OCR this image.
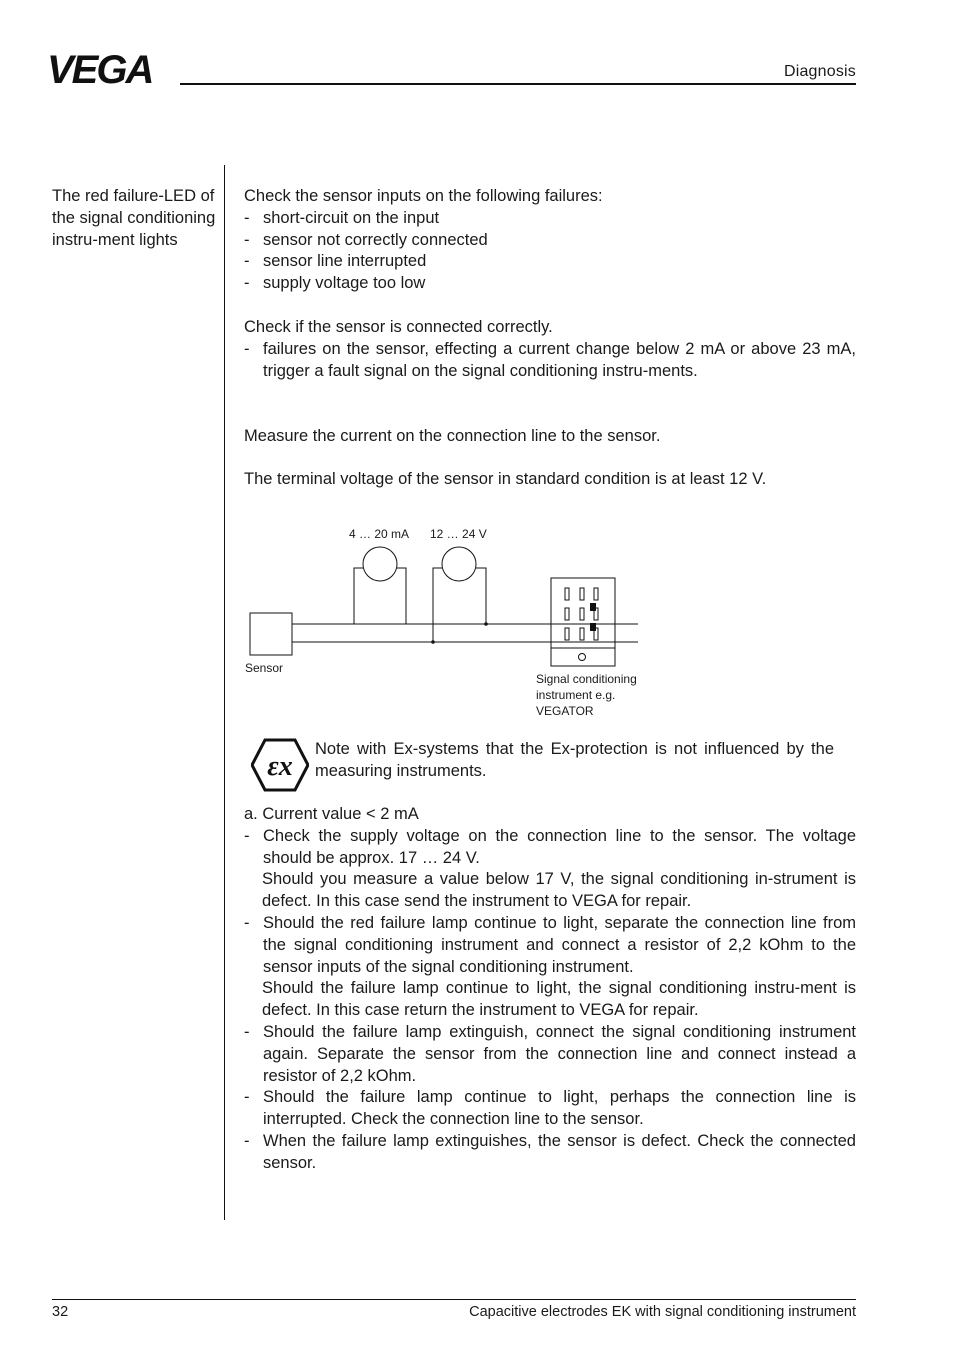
VEGA	Diagnosis
The red failure-LED of the signal conditioning instru-ment lights

Check the sensor inputs on the following failures:

- short-circuit on the input
- sensor not correctly connected
- sensor line interrupted
- supply voltage too low

Check if the sensor is connected correctly.

- failures on the sensor, effecting a current change below 2 mA or above 23 mA, trigger a fault signal on the signal conditioning instru-ments.
Measure the current on the connection line to the sensor.
The terminal voltage of the sensor in standard condition is at least 12 V.
4 … 20 mA 12 … 24 V
Sensor
Signal conditioning
instrument e.g.
VEGATOR
εx
Note with Ex-systems that the Ex-protection is not influenced by the measuring instruments.

a. Current value < 2 mA

- Check the supply voltage on the connection line to the sensor. The voltage should be approx. 17 … 24 V.
Should you measure a value below 17 V, the signal conditioning in-strument is defect. In this case send the instrument to VEGA for repair.
- Should the red failure lamp continue to light, separate the connection line from the signal conditioning instrument and connect a resistor of 2,2 kOhm to the sensor inputs of the signal conditioning instrument.
Should the failure lamp continue to light, the signal conditioning instru-ment is defect. In this case return the instrument to VEGA for repair.
- Should the failure lamp extinguish, connect the signal conditioning instrument again. Separate the sensor from the connection line and connect instead a resistor of 2,2 kOhm.
- Should the failure lamp continue to light, perhaps the connection line is interrupted. Check the connection line to the sensor.
- When the failure lamp extinguishes, the sensor is defect. Check the connected sensor.
32	Capacitive electrodes EK with signal conditioning instrument
